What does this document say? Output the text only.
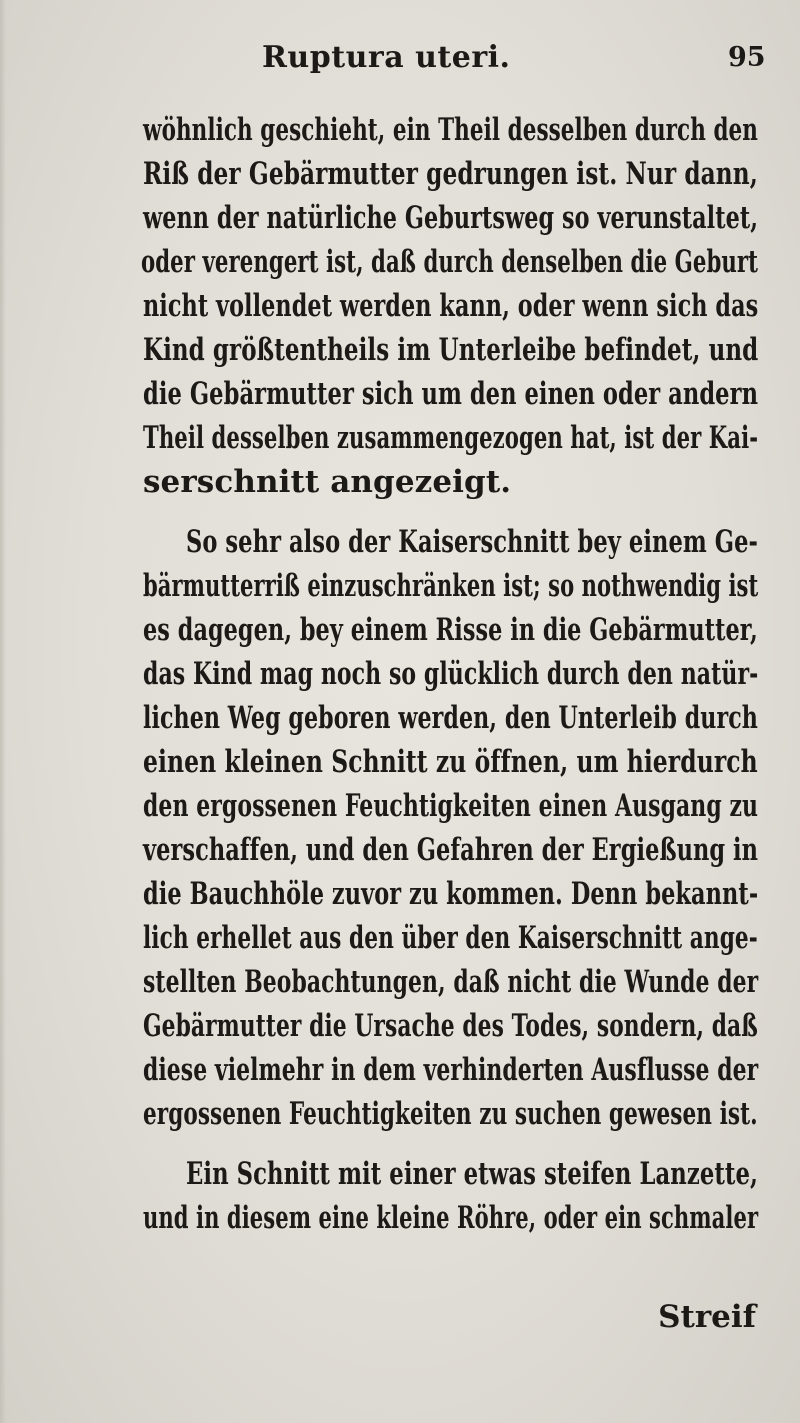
Ruptura uteri.	95
wöhnlich geschieht, ein Theil desselben durch den
Riß der Gebärmutter gedrungen ist. Nur dann,
wenn der natürliche Geburtsweg so verunstaltet,
oder verengert ist, daß durch denselben die Geburt
nicht vollendet werden kann, oder wenn sich das
Kind größtentheils im Unterleibe befindet, und
die Gebärmutter sich um den einen oder andern
Theil desselben zusammengezogen hat, ist der Kai-
serschnitt angezeigt.
So sehr also der Kaiserschnitt bey einem Ge-
bärmutterriß einzuschränken ist; so nothwendig ist
es dagegen, bey einem Risse in die Gebärmutter,
das Kind mag noch so glücklich durch den natür-
lichen Weg geboren werden, den Unterleib durch
einen kleinen Schnitt zu öffnen, um hierdurch
den ergossenen Feuchtigkeiten einen Ausgang zu
verschaffen, und den Gefahren der Ergießung in
die Bauchhöle zuvor zu kommen. Denn bekannt-
lich erhellet aus den über den Kaiserschnitt ange-
stellten Beobachtungen, daß nicht die Wunde der
Gebärmutter die Ursache des Todes, sondern, daß
diese vielmehr in dem verhinderten Ausflusse der
ergossenen Feuchtigkeiten zu suchen gewesen ist.
Ein Schnitt mit einer etwas steifen Lanzette,
und in diesem eine kleine Röhre, oder ein schmaler
Streif
